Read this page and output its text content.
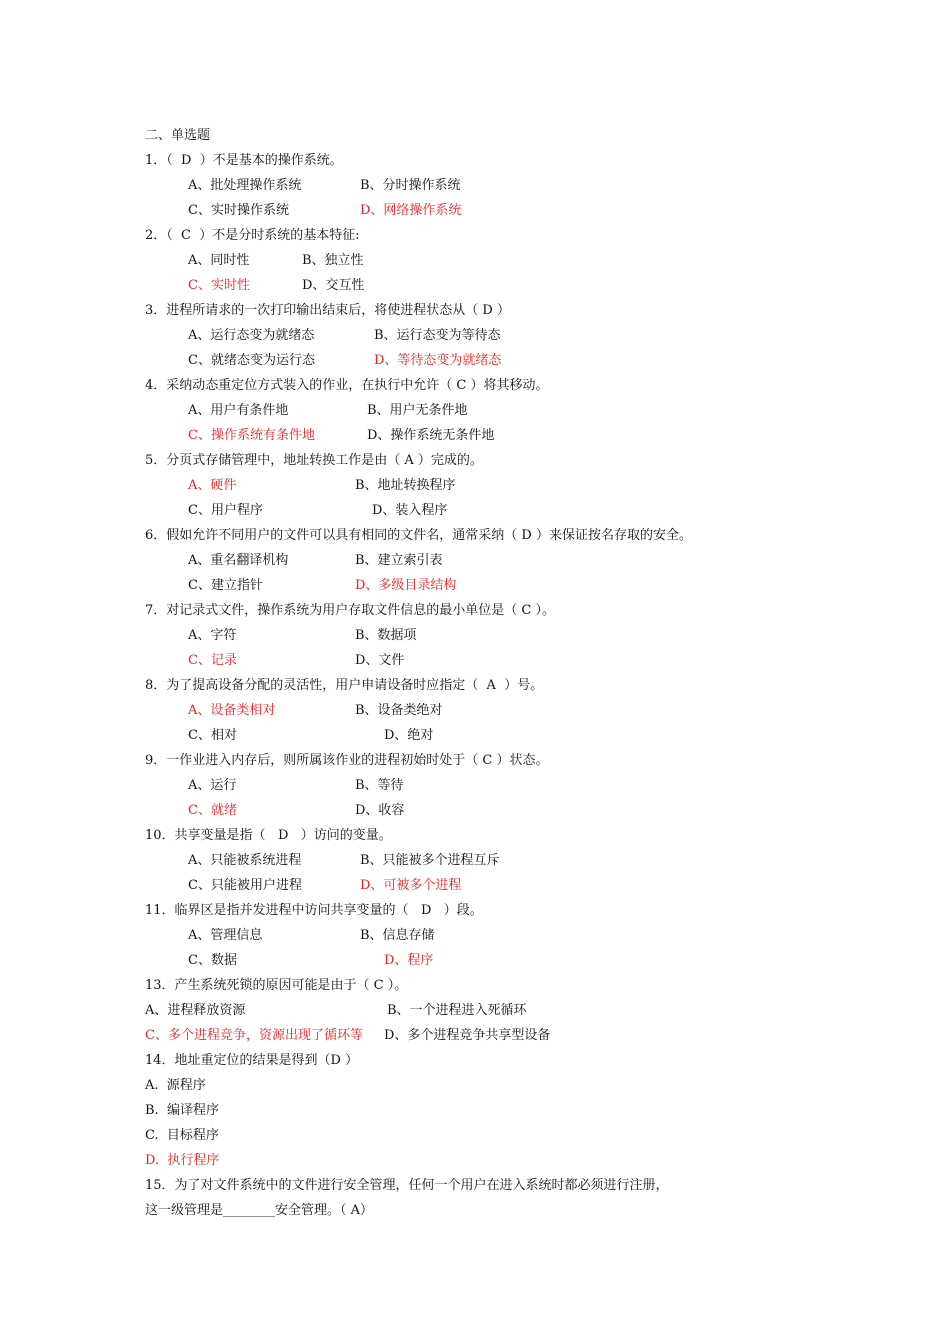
二、单选题
1．（  D  ）不是基本的操作系统。
A、批处理操作系统	B、分时操作系统
C、实时操作系统	D、网络操作系统
2．（  C  ）不是分时系统的基本特征:
A、同时性	B、独立性
C、实时性	D、交互性
3．进程所请求的一次打印输出结束后，将使进程状态从（ D ）
A、运行态变为就绪态	B、运行态变为等待态
C、就绪态变为运行态	D、等待态变为就绪态
4．采纳动态重定位方式装入的作业，在执行中允许（ C ）将其移动。
A、用户有条件地	B、用户无条件地
C、操作系统有条件地	D、操作系统无条件地
5．分页式存储管理中，地址转换工作是由（ A ）完成的。
A、硬件	B、地址转换程序
C、用户程序	D、装入程序
6．假如允许不同用户的文件可以具有相同的文件名，通常采纳（ D ）来保证按名存取的安全。
A、重名翻译机构	B、建立索引表
C、建立指针	D、多级目录结构
7．对记录式文件，操作系统为用户存取文件信息的最小单位是（ C ）。
A、字符	B、数据项
C、记录	D、文件
8．为了提高设备分配的灵活性，用户申请设备时应指定（  A  ）号。
A、设备类相对	B、设备类绝对
C、相对	D、绝对
9．一作业进入内存后，则所属该作业的进程初始时处于（ C ）状态。
A、运行	B、等待
C、就绪	D、收容
10．共享变量是指（   D   ）访问的变量。
A、只能被系统进程	B、只能被多个进程互斥
C、只能被用户进程	D、可被多个进程
11．临界区是指并发进程中访问共享变量的（   D   ）段。
A、管理信息	B、信息存储
C、数据	D、程序
13．产生系统死锁的原因可能是由于（ C ）。
A、进程释放资源	B、一个进程进入死循环
C、多个进程竞争，资源出现了循环等 D、多个进程竞争共享型设备
14．地址重定位的结果是得到（D ）
A.  源程序
B.  编译程序
C.  目标程序
D.  执行程序
15．为了对文件系统中的文件进行安全管理，任何一个用户在进入系统时都必须进行注册，
这一级管理是________安全管理。（ A）
